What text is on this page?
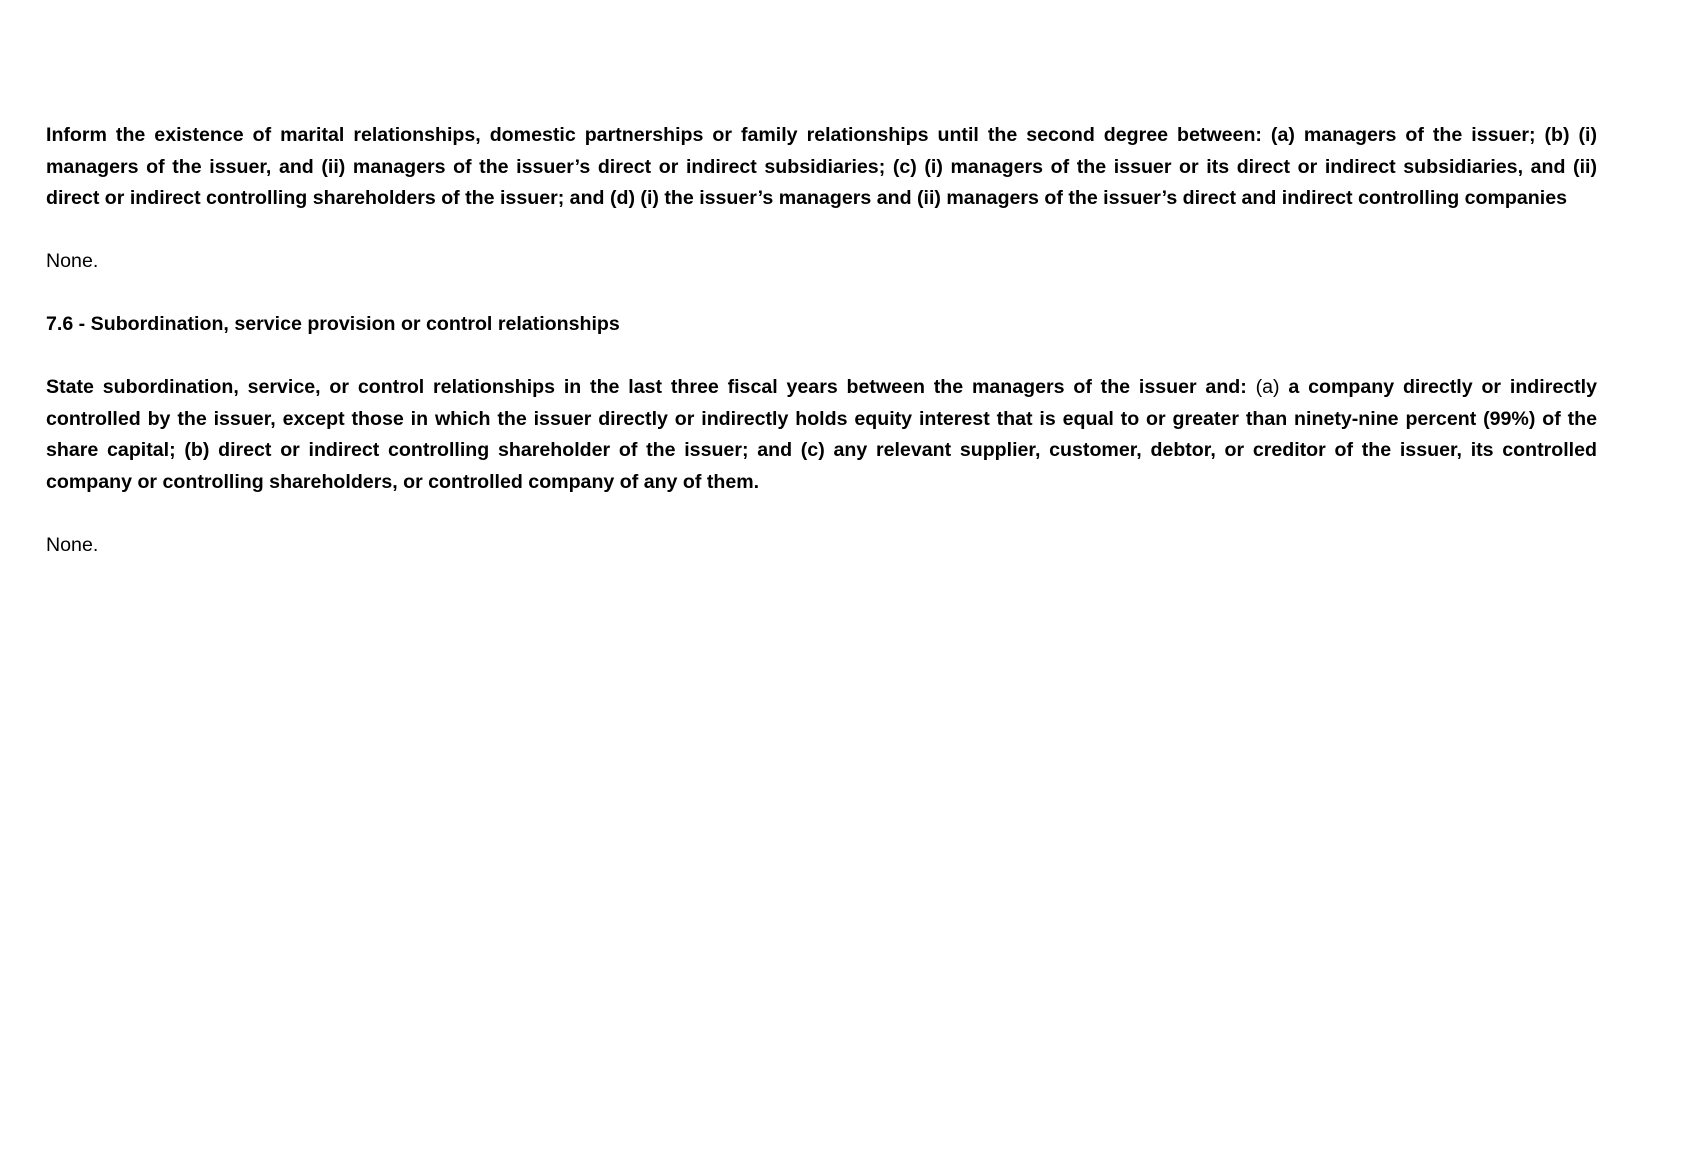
Inform the existence of marital relationships, domestic partnerships or family relationships until the second degree between: (a) managers of the issuer; (b) (i) managers of the issuer, and (ii) managers of the issuer’s direct or indirect subsidiaries; (c) (i) managers of the issuer or its direct or indirect subsidiaries, and (ii) direct or indirect controlling shareholders of the issuer; and (d) (i) the issuer’s managers and (ii) managers of the issuer’s direct and indirect controlling companies

None.

7.6 - Subordination, service provision or control relationships

State subordination, service, or control relationships in the last three fiscal years between the managers of the issuer and: (a) a company directly or indirectly controlled by the issuer, except those in which the issuer directly or indirectly holds equity interest that is equal to or greater than ninety-nine percent (99%) of the share capital; (b) direct or indirect controlling shareholder of the issuer; and (c) any relevant supplier, customer, debtor, or creditor of the issuer, its controlled company or controlling shareholders, or controlled company of any of them.

None.
